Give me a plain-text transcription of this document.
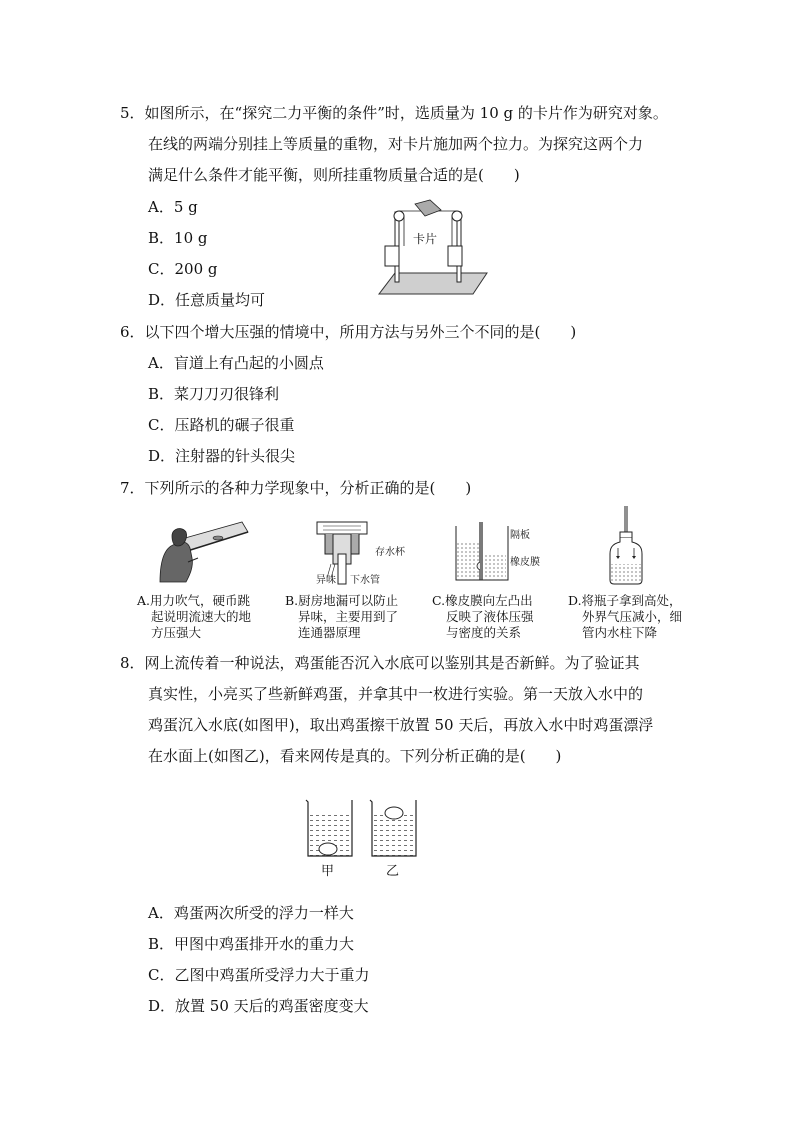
5．如图所示，在“探究二力平衡的条件”时，选质量为 10 g 的卡片作为研究对象。
在线的两端分别挂上等质量的重物，对卡片施加两个拉力。为探究这两个力
满足什么条件才能平衡，则所挂重物质量合适的是(　　)
A．5 g
B．10 g
C．200 g
D．任意质量均可
卡片
6．以下四个增大压强的情境中，所用方法与另外三个不同的是(　　)
A．盲道上有凸起的小圆点
B．菜刀刀刃很锋利
C．压路机的碾子很重
D．注射器的针头很尖
7．下列所示的各种力学现象中，分析正确的是(　　)
存水杯
异味 下水管
隔板
橡皮膜
A.用力吹气，硬币跳
起说明流速大的地
方压强大
B.厨房地漏可以防止
异味，主要用到了
连通器原理
C.橡皮膜向左凸出
反映了液体压强
与密度的关系
D.将瓶子拿到高处，
外界气压减小，细
管内水柱下降
8．网上流传着一种说法，鸡蛋能否沉入水底可以鉴别其是否新鲜。为了验证其
真实性，小亮买了些新鲜鸡蛋，并拿其中一枚进行实验。第一天放入水中的
鸡蛋沉入水底(如图甲)，取出鸡蛋擦干放置 50 天后，再放入水中时鸡蛋漂浮
在水面上(如图乙)，看来网传是真的。下列分析正确的是(　　)
甲	乙
A．鸡蛋两次所受的浮力一样大
B．甲图中鸡蛋排开水的重力大
C．乙图中鸡蛋所受浮力大于重力
D．放置 50 天后的鸡蛋密度变大
